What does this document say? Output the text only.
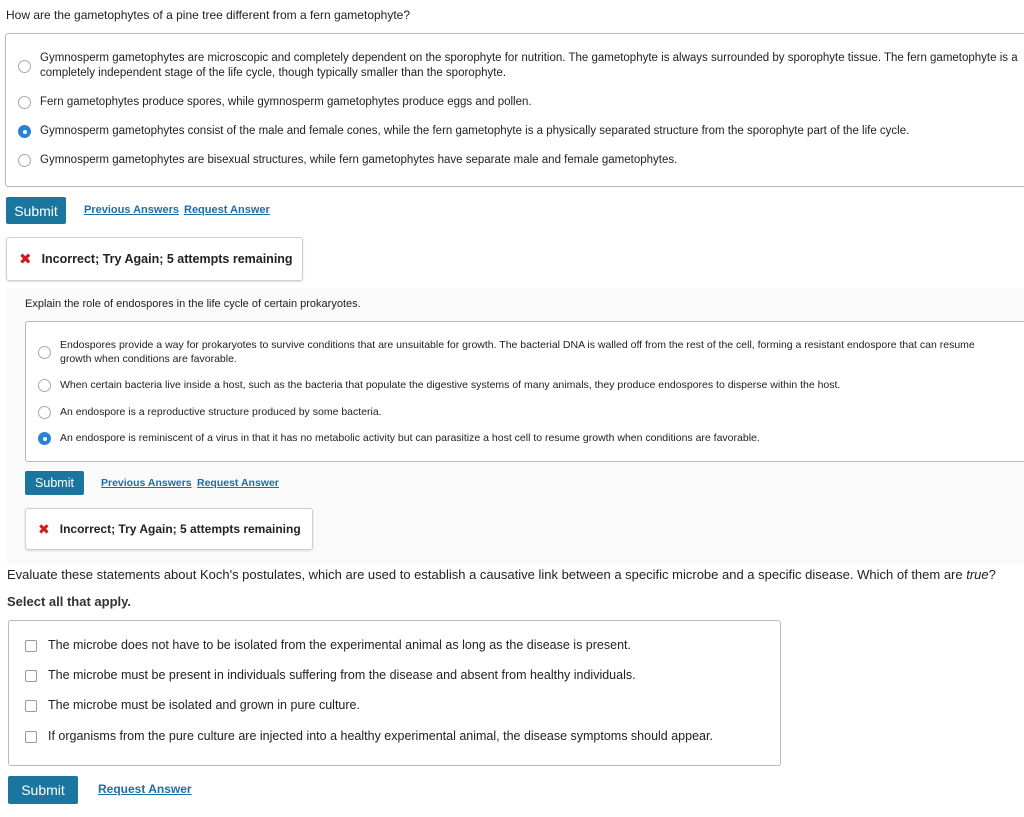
How are the gametophytes of a pine tree different from a fern gametophyte?
Gymnosperm gametophytes are microscopic and completely dependent on the sporophyte for nutrition. The gametophyte is always surrounded by sporophyte tissue. The fern gametophyte is a
completely independent stage of the life cycle, though typically smaller than the sporophyte.
Fern gametophytes produce spores, while gymnosperm gametophytes produce eggs and pollen.
Gymnosperm gametophytes consist of the male and female cones, while the fern gametophyte is a physically separated structure from the sporophyte part of the life cycle.
Gymnosperm gametophytes are bisexual structures, while fern gametophytes have separate male and female gametophytes.
Submit	Previous Answers Request Answer
✖ Incorrect; Try Again; 5 attempts remaining
Explain the role of endospores in the life cycle of certain prokaryotes.
Endospores provide a way for prokaryotes to survive conditions that are unsuitable for growth. The bacterial DNA is walled off from the rest of the cell, forming a resistant endospore that can resume
growth when conditions are favorable.
When certain bacteria live inside a host, such as the bacteria that populate the digestive systems of many animals, they produce endospores to disperse within the host.
An endospore is a reproductive structure produced by some bacteria.
An endospore is reminiscent of a virus in that it has no metabolic activity but can parasitize a host cell to resume growth when conditions are favorable.
Submit	Previous Answers Request Answer
✖ Incorrect; Try Again; 5 attempts remaining
Evaluate these statements about Koch's postulates, which are used to establish a causative link between a specific microbe and a specific disease. Which of them are true?
Select all that apply.
The microbe does not have to be isolated from the experimental animal as long as the disease is present.
The microbe must be present in individuals suffering from the disease and absent from healthy individuals.
The microbe must be isolated and grown in pure culture.
If organisms from the pure culture are injected into a healthy experimental animal, the disease symptoms should appear.
Submit	Request Answer
